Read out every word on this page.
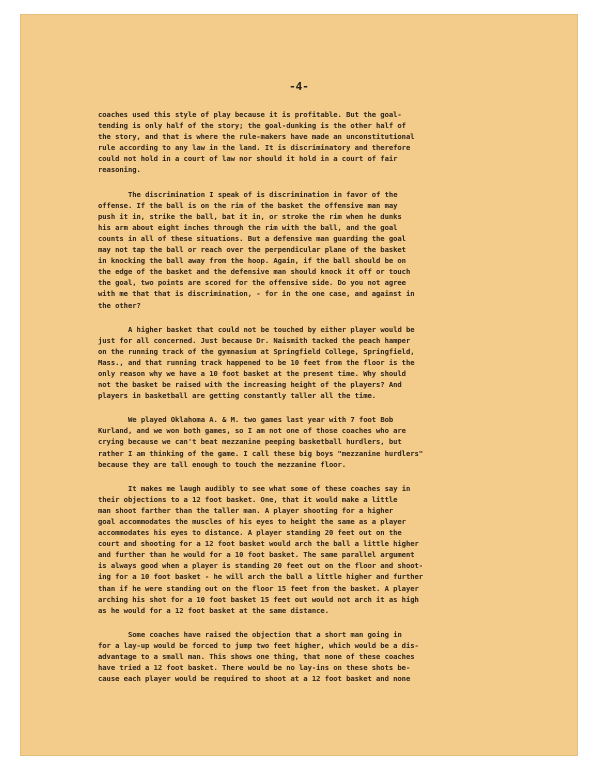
-4-
coaches used this style of play because it is profitable. But the goal-
tending is only half of the story; the goal-dunking is the other half of
the story, and that is where the rule-makers have made an unconstitutional
rule according to any law in the land. It is discriminatory and therefore
could not hold in a court of law nor should it hold in a court of fair
reasoning.
The discrimination I speak of is discrimination in favor of the
offense. If the ball is on the rim of the basket the offensive man may
push it in, strike the ball, bat it in, or stroke the rim when he dunks
his arm about eight inches through the rim with the ball, and the goal
counts in all of these situations. But a defensive man guarding the goal
may not tap the ball or reach over the perpendicular plane of the basket
in knocking the ball away from the hoop. Again, if the ball should be on
the edge of the basket and the defensive man should knock it off or touch
the goal, two points are scored for the offensive side. Do you not agree
with me that that is discrimination, - for in the one case, and against in
the other?
A higher basket that could not be touched by either player would be
just for all concerned. Just because Dr. Naismith tacked the peach hamper
on the running track of the gymnasium at Springfield College, Springfield,
Mass., and that running track happened to be 10 feet from the floor is the
only reason why we have a 10 foot basket at the present time. Why should
not the basket be raised with the increasing height of the players? And
players in basketball are getting constantly taller all the time.
We played Oklahoma A. & M. two games last year with 7 foot Bob
Kurland, and we won both games, so I am not one of those coaches who are
crying because we can't beat mezzanine peeping basketball hurdlers, but
rather I am thinking of the game. I call these big boys "mezzanine hurdlers"
because they are tall enough to touch the mezzanine floor.
It makes me laugh audibly to see what some of these coaches say in
their objections to a 12 foot basket. One, that it would make a little
man shoot farther than the taller man. A player shooting for a higher
goal accommodates the muscles of his eyes to height the same as a player
accommodates his eyes to distance. A player standing 20 feet out on the
court and shooting for a 12 foot basket would arch the ball a little higher
and further than he would for a 10 foot basket. The same parallel argument
is always good when a player is standing 20 feet out on the floor and shoot-
ing for a 10 foot basket - he will arch the ball a little higher and further
than if he were standing out on the floor 15 feet from the basket. A player
arching his shot for a 10 foot basket 15 feet out would not arch it as high
as he would for a 12 foot basket at the same distance.
Some coaches have raised the objection that a short man going in
for a lay-up would be forced to jump two feet higher, which would be a dis-
advantage to a small man. This shows one thing, that none of these coaches
have tried a 12 foot basket. There would be no lay-ins on these shots be-
cause each player would be required to shoot at a 12 foot basket and none
